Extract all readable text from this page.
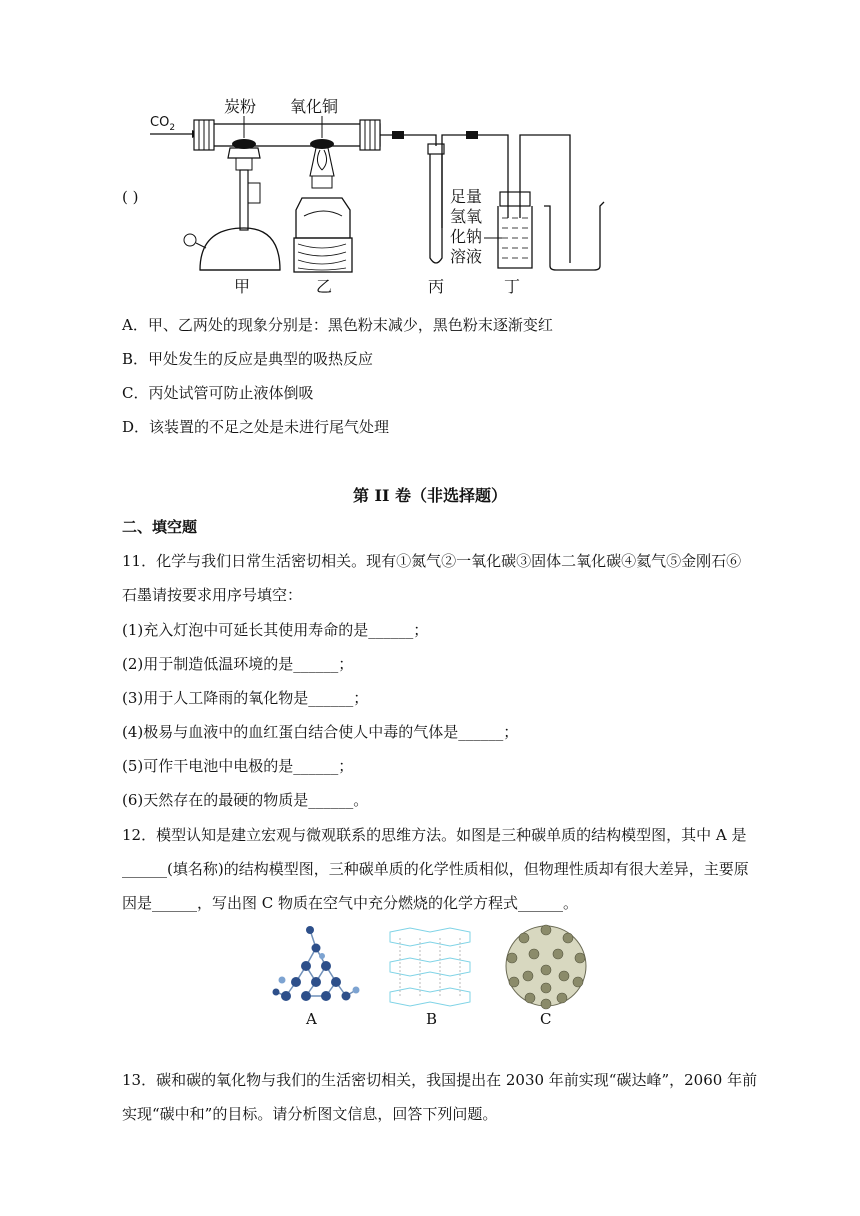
$CO_2$
炭粉 氧化铜
足量
氢氧
化钠
溶液
甲	乙	丙	丁
( )
A．甲、乙两处的现象分别是：黑色粉末减少，黑色粉末逐渐变红
B．甲处发生的反应是典型的吸热反应
C．丙处试管可防止液体倒吸
D．该装置的不足之处是未进行尾气处理
第 II 卷（非选择题）
二、填空题
11．化学与我们日常生活密切相关。现有①氮气②一氧化碳③固体二氧化碳④氦气⑤金刚石⑥
石墨请按要求用序号填空：
(1)充入灯泡中可延长其使用寿命的是______；
(2)用于制造低温环境的是______；
(3)用于人工降雨的氧化物是______；
(4)极易与血液中的血红蛋白结合使人中毒的气体是______；
(5)可作干电池中电极的是______；
(6)天然存在的最硬的物质是______。
12．模型认知是建立宏观与微观联系的思维方法。如图是三种碳单质的结构模型图，其中 A 是
______(填名称)的结构模型图，三种碳单质的化学性质相似，但物理性质却有很大差异，主要原
因是______，写出图 C 物质在空气中充分燃烧的化学方程式______。
A	B	C
13．碳和碳的氧化物与我们的生活密切相关，我国提出在 2030 年前实现“碳达峰”，2060 年前
实现“碳中和”的目标。请分析图文信息，回答下列问题。
